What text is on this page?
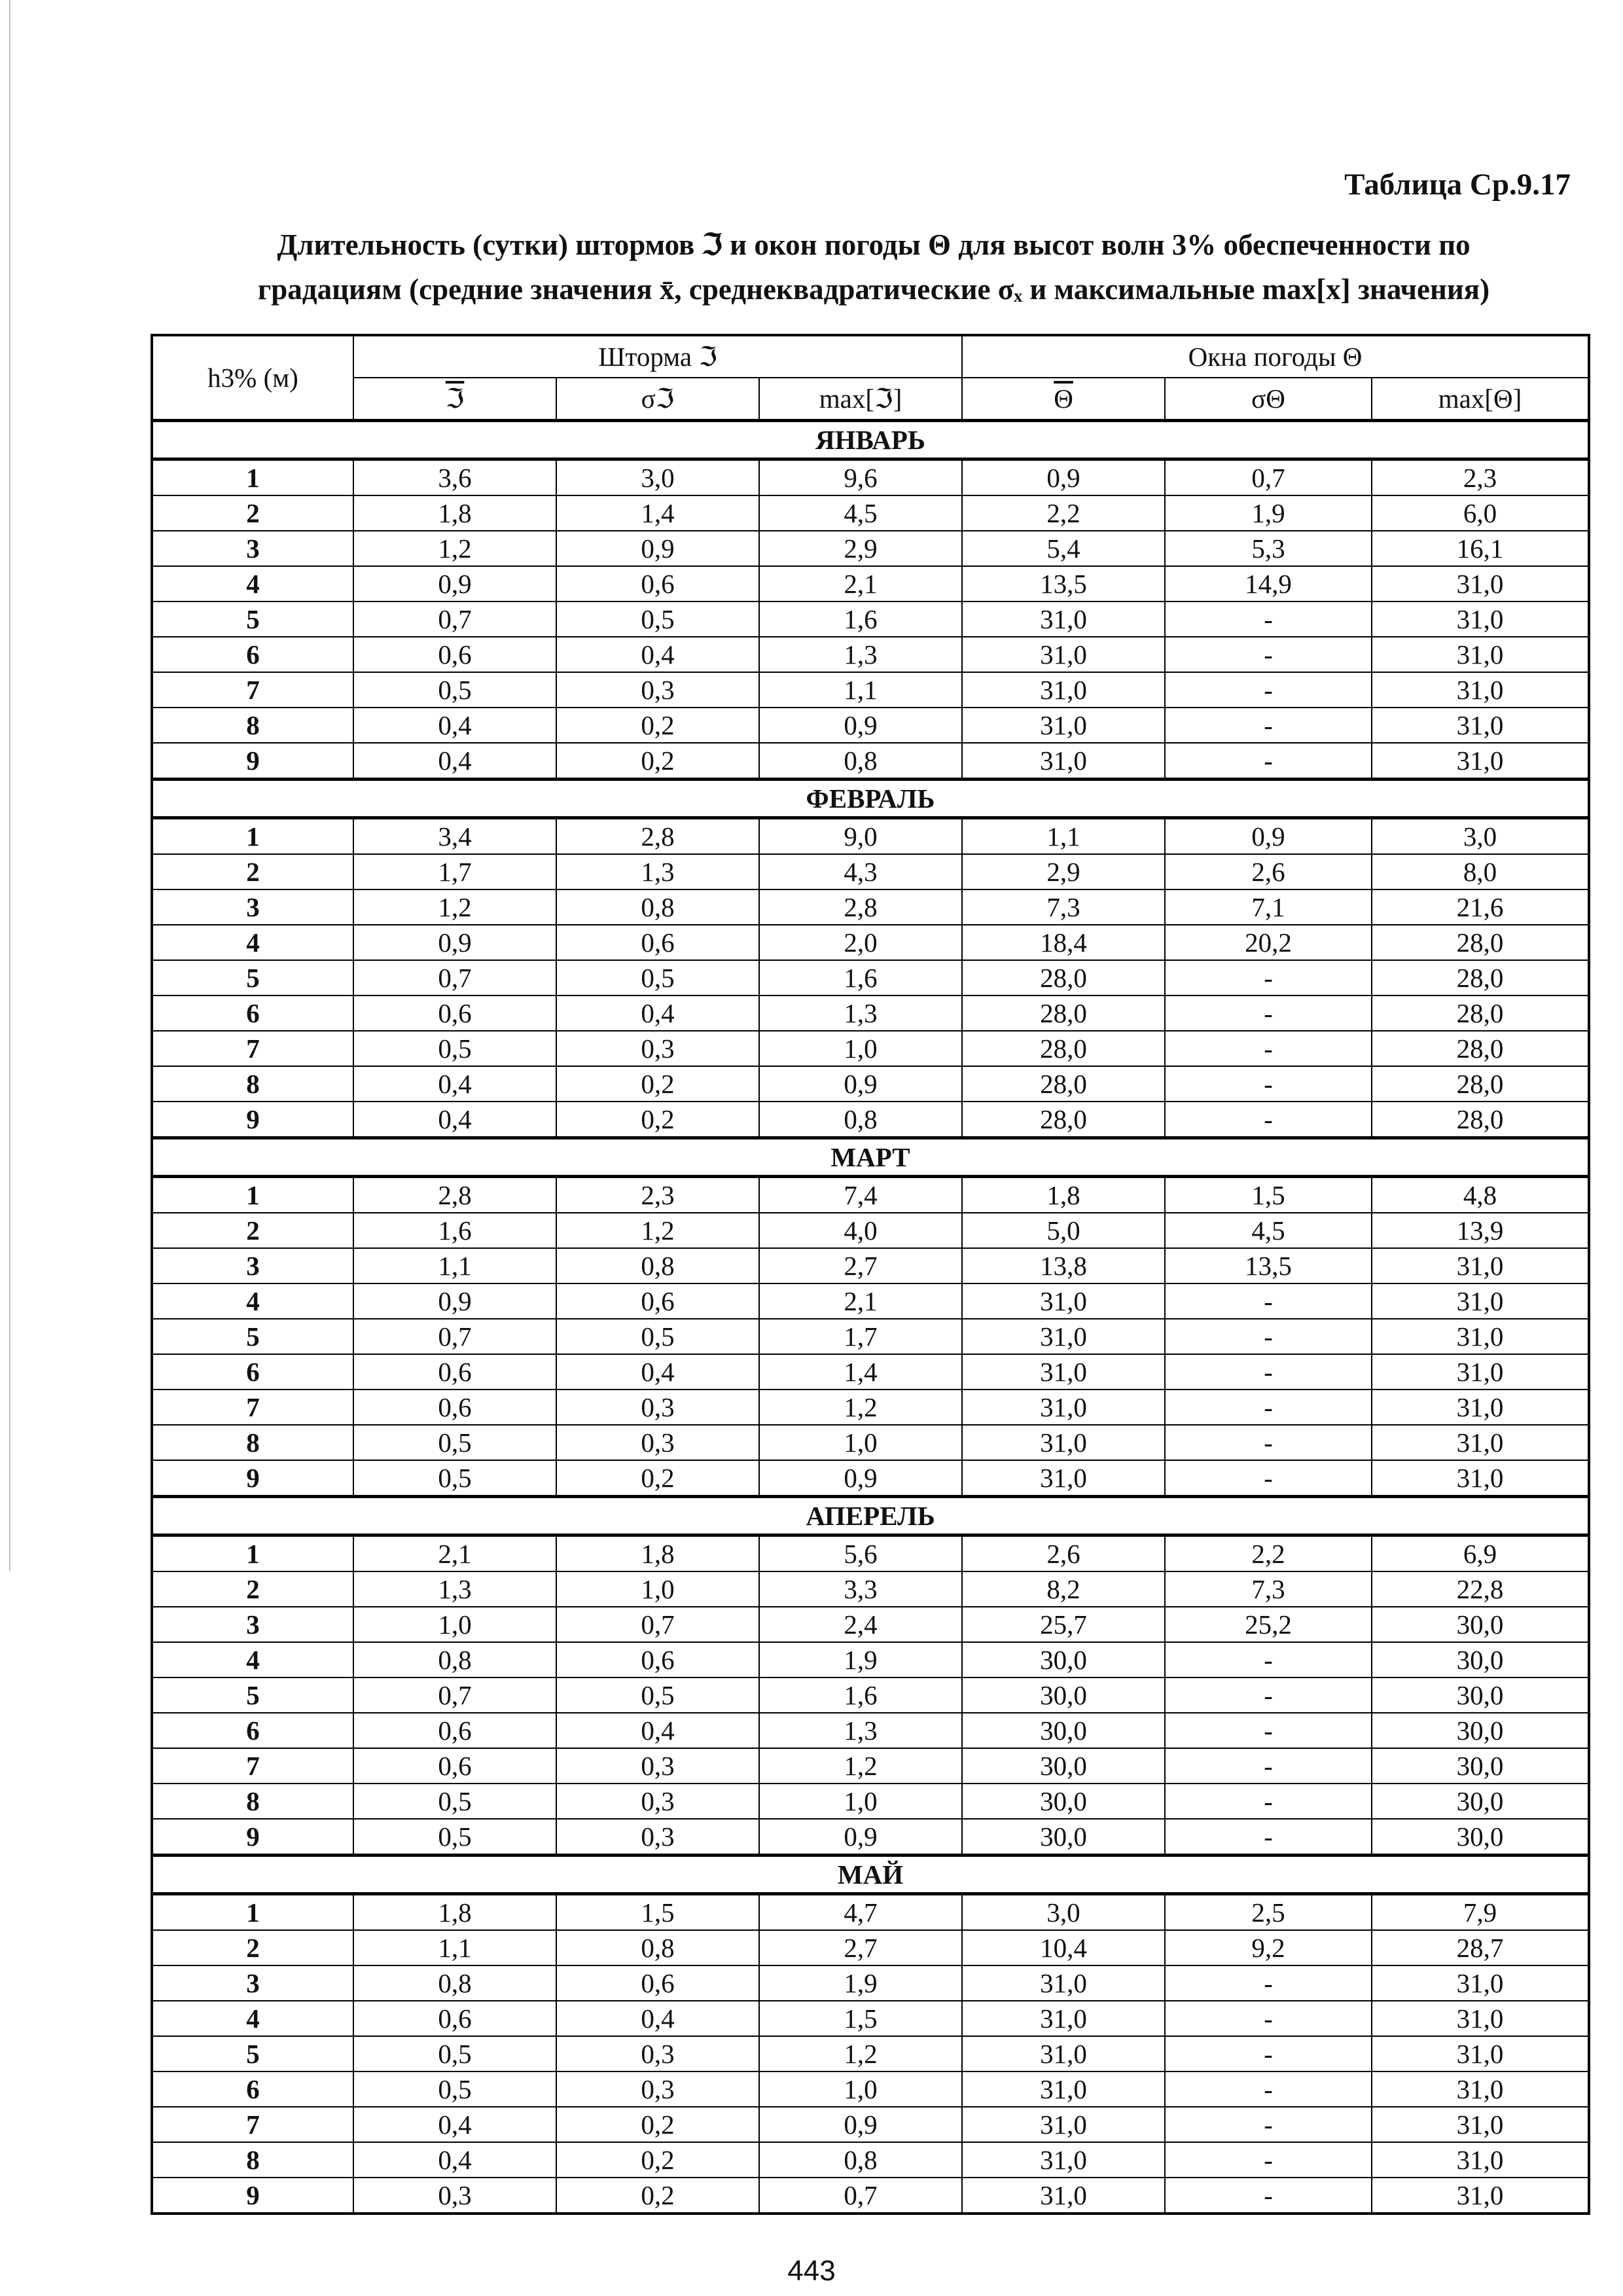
Таблица Ср.9.17
Длительность (сутки) штормов ℑ и окон погоды Θ для высот волн 3% обеспеченности по
градациям (средние значения x̄, среднеквадратические σₓ и максимальные max[x] значения)
h3% (м)	Шторма ℑ			Окна погоды Θ		
	ℑ	σℑ	max[ℑ]	$\overline{\Theta}$	σΘ	max[Θ]
ЯНВАРЬ						
1	3,6	3,0	9,6	0,9	0,7	2,3
2	1,8	1,4	4,5	2,2	1,9	6,0
3	1,2	0,9	2,9	5,4	5,3	16,1
4	0,9	0,6	2,1	13,5	14,9	31,0
5	0,7	0,5	1,6	31,0	-	31,0
6	0,6	0,4	1,3	31,0	-	31,0
7	0,5	0,3	1,1	31,0	-	31,0
8	0,4	0,2	0,9	31,0	-	31,0
9	0,4	0,2	0,8	31,0	-	31,0
ФЕВРАЛЬ						
1	3,4	2,8	9,0	1,1	0,9	3,0
2	1,7	1,3	4,3	2,9	2,6	8,0
3	1,2	0,8	2,8	7,3	7,1	21,6
4	0,9	0,6	2,0	18,4	20,2	28,0
5	0,7	0,5	1,6	28,0	-	28,0
6	0,6	0,4	1,3	28,0	-	28,0
7	0,5	0,3	1,0	28,0	-	28,0
8	0,4	0,2	0,9	28,0	-	28,0
9	0,4	0,2	0,8	28,0	-	28,0
МАРТ						
1	2,8	2,3	7,4	1,8	1,5	4,8
2	1,6	1,2	4,0	5,0	4,5	13,9
3	1,1	0,8	2,7	13,8	13,5	31,0
4	0,9	0,6	2,1	31,0	-	31,0
5	0,7	0,5	1,7	31,0	-	31,0
6	0,6	0,4	1,4	31,0	-	31,0
7	0,6	0,3	1,2	31,0	-	31,0
8	0,5	0,3	1,0	31,0	-	31,0
9	0,5	0,2	0,9	31,0	-	31,0
АПЕРЕЛЬ						
1	2,1	1,8	5,6	2,6	2,2	6,9
2	1,3	1,0	3,3	8,2	7,3	22,8
3	1,0	0,7	2,4	25,7	25,2	30,0
4	0,8	0,6	1,9	30,0	-	30,0
5	0,7	0,5	1,6	30,0	-	30,0
6	0,6	0,4	1,3	30,0	-	30,0
7	0,6	0,3	1,2	30,0	-	30,0
8	0,5	0,3	1,0	30,0	-	30,0
9	0,5	0,3	0,9	30,0	-	30,0
МАЙ						
1	1,8	1,5	4,7	3,0	2,5	7,9
2	1,1	0,8	2,7	10,4	9,2	28,7
3	0,8	0,6	1,9	31,0	-	31,0
4	0,6	0,4	1,5	31,0	-	31,0
5	0,5	0,3	1,2	31,0	-	31,0
6	0,5	0,3	1,0	31,0	-	31,0
7	0,4	0,2	0,9	31,0	-	31,0
8	0,4	0,2	0,8	31,0	-	31,0
9	0,3	0,2	0,7	31,0	-	31,0
443
